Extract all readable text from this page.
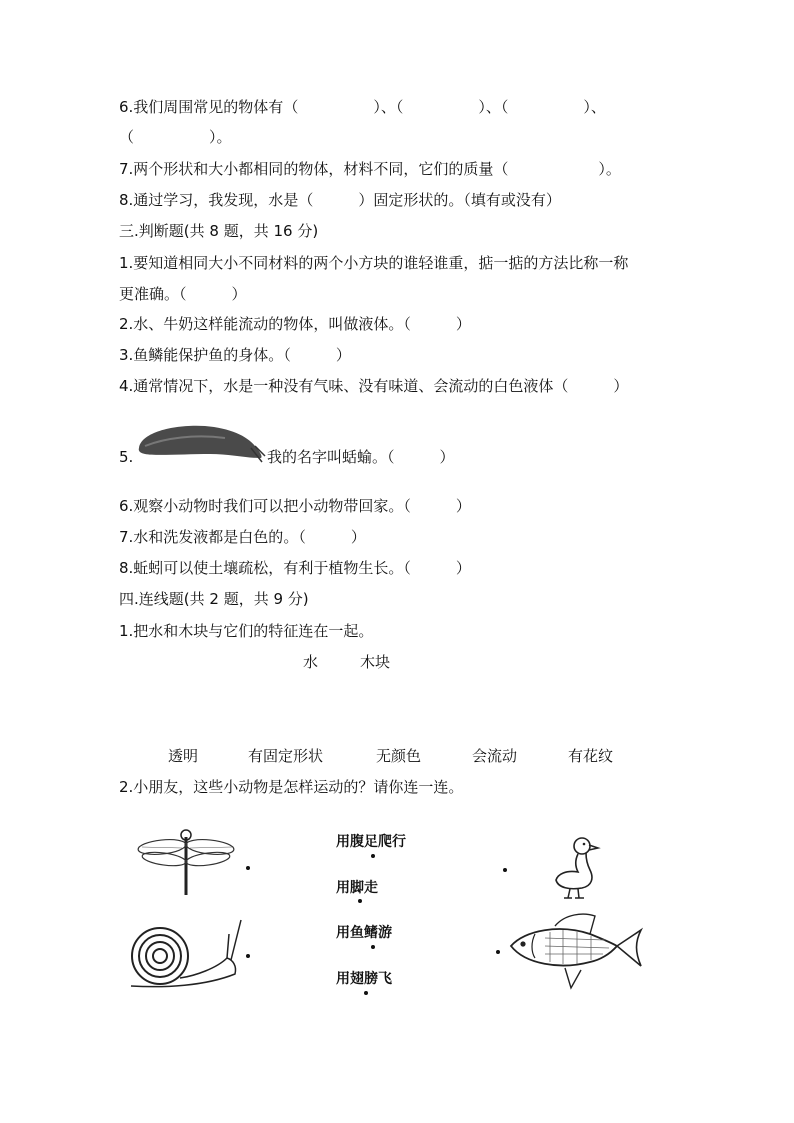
6.我们周围常见的物体有（　　　　　）、（　　　　　）、（　　　　　）、
（　　　　　）。
7.两个形状和大小都相同的物体，材料不同，它们的质量（　　　　　　）。
8.通过学习，我发现，水是（　　　）固定形状的。（填有或没有）
三.判断题(共 8 题，共 16 分)
1.要知道相同大小不同材料的两个小方块的谁轻谁重，掂一掂的方法比称一称
更准确。（　　　）
2.水、牛奶这样能流动的物体，叫做液体。（　　　）
3.鱼鳞能保护鱼的身体。（　　　）
4.通常情况下，水是一种没有气味、没有味道、会流动的白色液体（　　　）
5.	我的名字叫蛞蝓。（　　　）
6.观察小动物时我们可以把小动物带回家。（　　　）
7.水和洗发液都是白色的。（　　　）
8.蚯蚓可以使土壤疏松，有利于植物生长。（　　　）
四.连线题(共 2 题，共 9 分)
1.把水和木块与它们的特征连在一起。
水	木块
透明	有固定形状	无颜色	会流动	有花纹
2.小朋友，这些小动物是怎样运动的？请你连一连。
用腹足爬行
用脚走
用鱼鳍游
用翅膀飞
